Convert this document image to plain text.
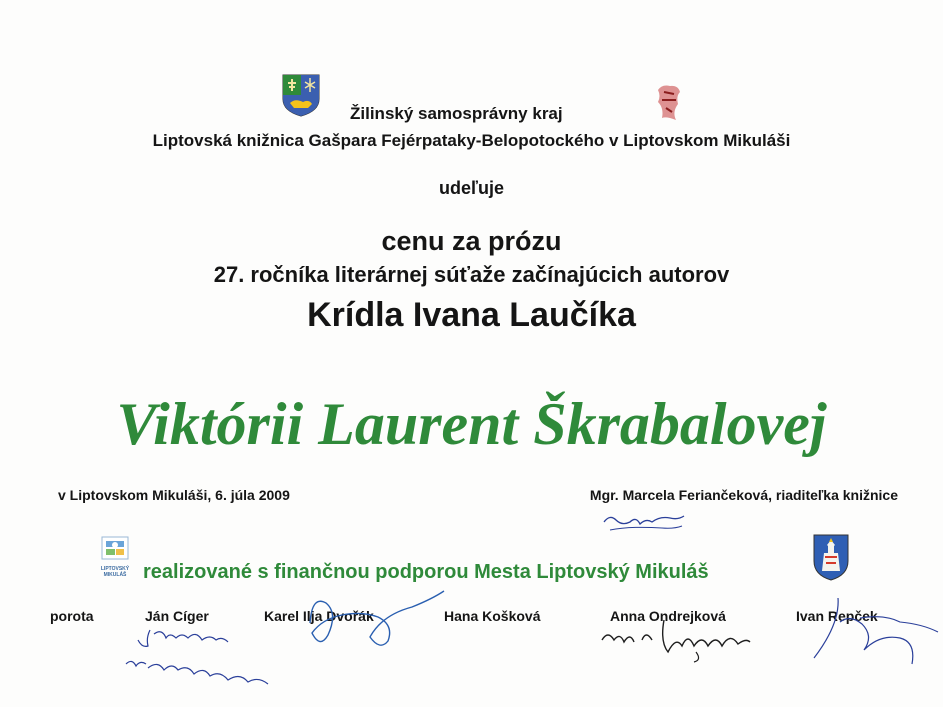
Žilinský samosprávny kraj
Liptovská knižnica Gašpara Fejérpataky-Belopotockého v Liptovskom Mikuláši
udeľuje
cenu za prózu
27. ročníka literárnej súťaže začínajúcich autorov
Krídla Ivana Laučíka
Viktórii Laurent Škrabalovej
v Liptovskom Mikuláši, 6. júla 2009	Mgr. Marcela Feriančeková, riaditeľka knižnice
LIPTOVSKÝ
MIKULÁŠ realizované s finančnou podporou Mesta Liptovský Mikuláš
porota	Ján Cíger	Karel Ilja Dvořák	Hana Košková	Anna Ondrejková	Ivan Repček
